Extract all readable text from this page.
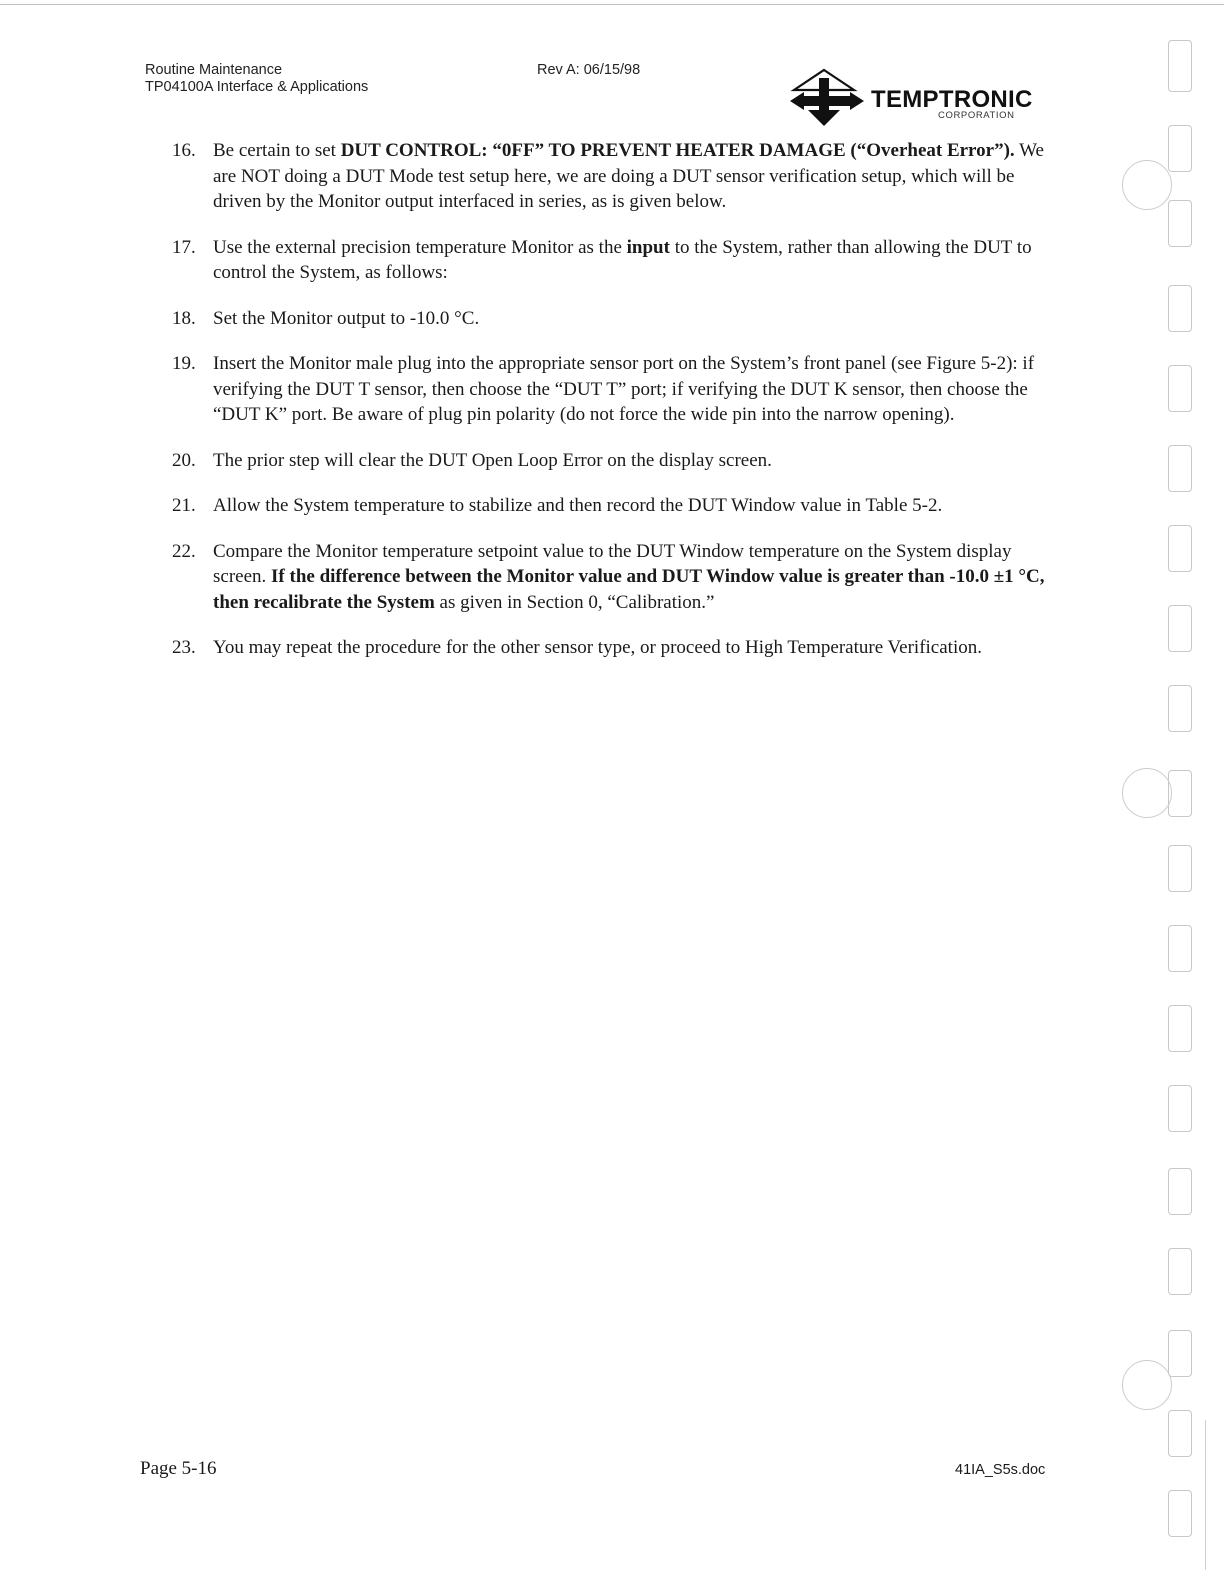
Routine Maintenance
TP04100A Interface & Applications
Rev A: 06/15/98
TEMPTRONIC
CORPORATION
16. Be certain to set DUT CONTROL: “0FF” TO PREVENT HEATER DAMAGE (“Overheat Error”). We are NOT doing a DUT Mode test setup here, we are doing a DUT sensor verification setup, which will be driven by the Monitor output interfaced in series, as is given below.
17. Use the external precision temperature Monitor as the input to the System, rather than allowing the DUT to control the System, as follows:
18. Set the Monitor output to -10.0 °C.
19. Insert the Monitor male plug into the appropriate sensor port on the System’s front panel (see Figure 5-2): if verifying the DUT T sensor, then choose the “DUT T” port; if verifying the DUT K sensor, then choose the “DUT K” port. Be aware of plug pin polarity (do not force the wide pin into the narrow opening).
20. The prior step will clear the DUT Open Loop Error on the display screen.
21. Allow the System temperature to stabilize and then record the DUT Window value in Table 5-2.
22. Compare the Monitor temperature setpoint value to the DUT Window temperature on the System display screen. If the difference between the Monitor value and DUT Window value is greater than -10.0 ±1 °C, then recalibrate the System as given in Section 0, “Calibration.”
23. You may repeat the procedure for the other sensor type, or proceed to High Temperature Verification.
Page 5-16	41IA_S5s.doc
